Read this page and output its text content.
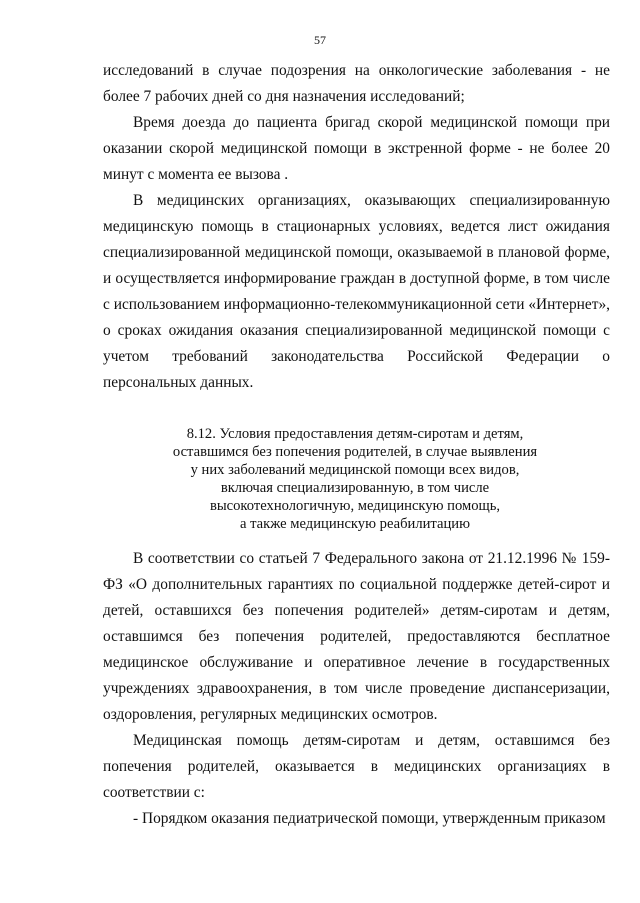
57

исследований в случае подозрения на онкологические заболевания - не более 7 рабочих дней со дня назначения исследований;

Время доезда до пациента бригад скорой медицинской помощи при оказании скорой медицинской помощи в экстренной форме - не более 20 минут с момента ее вызова .

В медицинских организациях, оказывающих специализированную медицинскую помощь в стационарных условиях, ведется лист ожидания специализированной медицинской помощи, оказываемой в плановой форме, и осуществляется информирование граждан в доступной форме, в том числе с использованием информационно-телекоммуникационной сети «Интернет», о сроках ожидания оказания специализированной медицинской помощи с учетом требований законодательства Российской Федерации о персональных данных.

8.12. Условия предоставления детям-сиротам и детям,
оставшимся без попечения родителей, в случае выявления
у них заболеваний медицинской помощи всех видов,
включая специализированную, в том числе
высокотехнологичную, медицинскую помощь,
а также медицинскую реабилитацию

В соответствии со статьей 7 Федерального закона от 21.12.1996 № 159-ФЗ «О дополнительных гарантиях по социальной поддержке детей-сирот и детей, оставшихся без попечения родителей» детям-сиротам и детям, оставшимся без попечения родителей, предоставляются бесплатное медицинское обслуживание и оперативное лечение в государственных учреждениях здравоохранения, в том числе проведение диспансеризации, оздоровления, регулярных медицинских осмотров.

Медицинская помощь детям-сиротам и детям, оставшимся без попечения родителей, оказывается в медицинских организациях в соответствии с:

- Порядком оказания педиатрической помощи, утвержденным приказом
